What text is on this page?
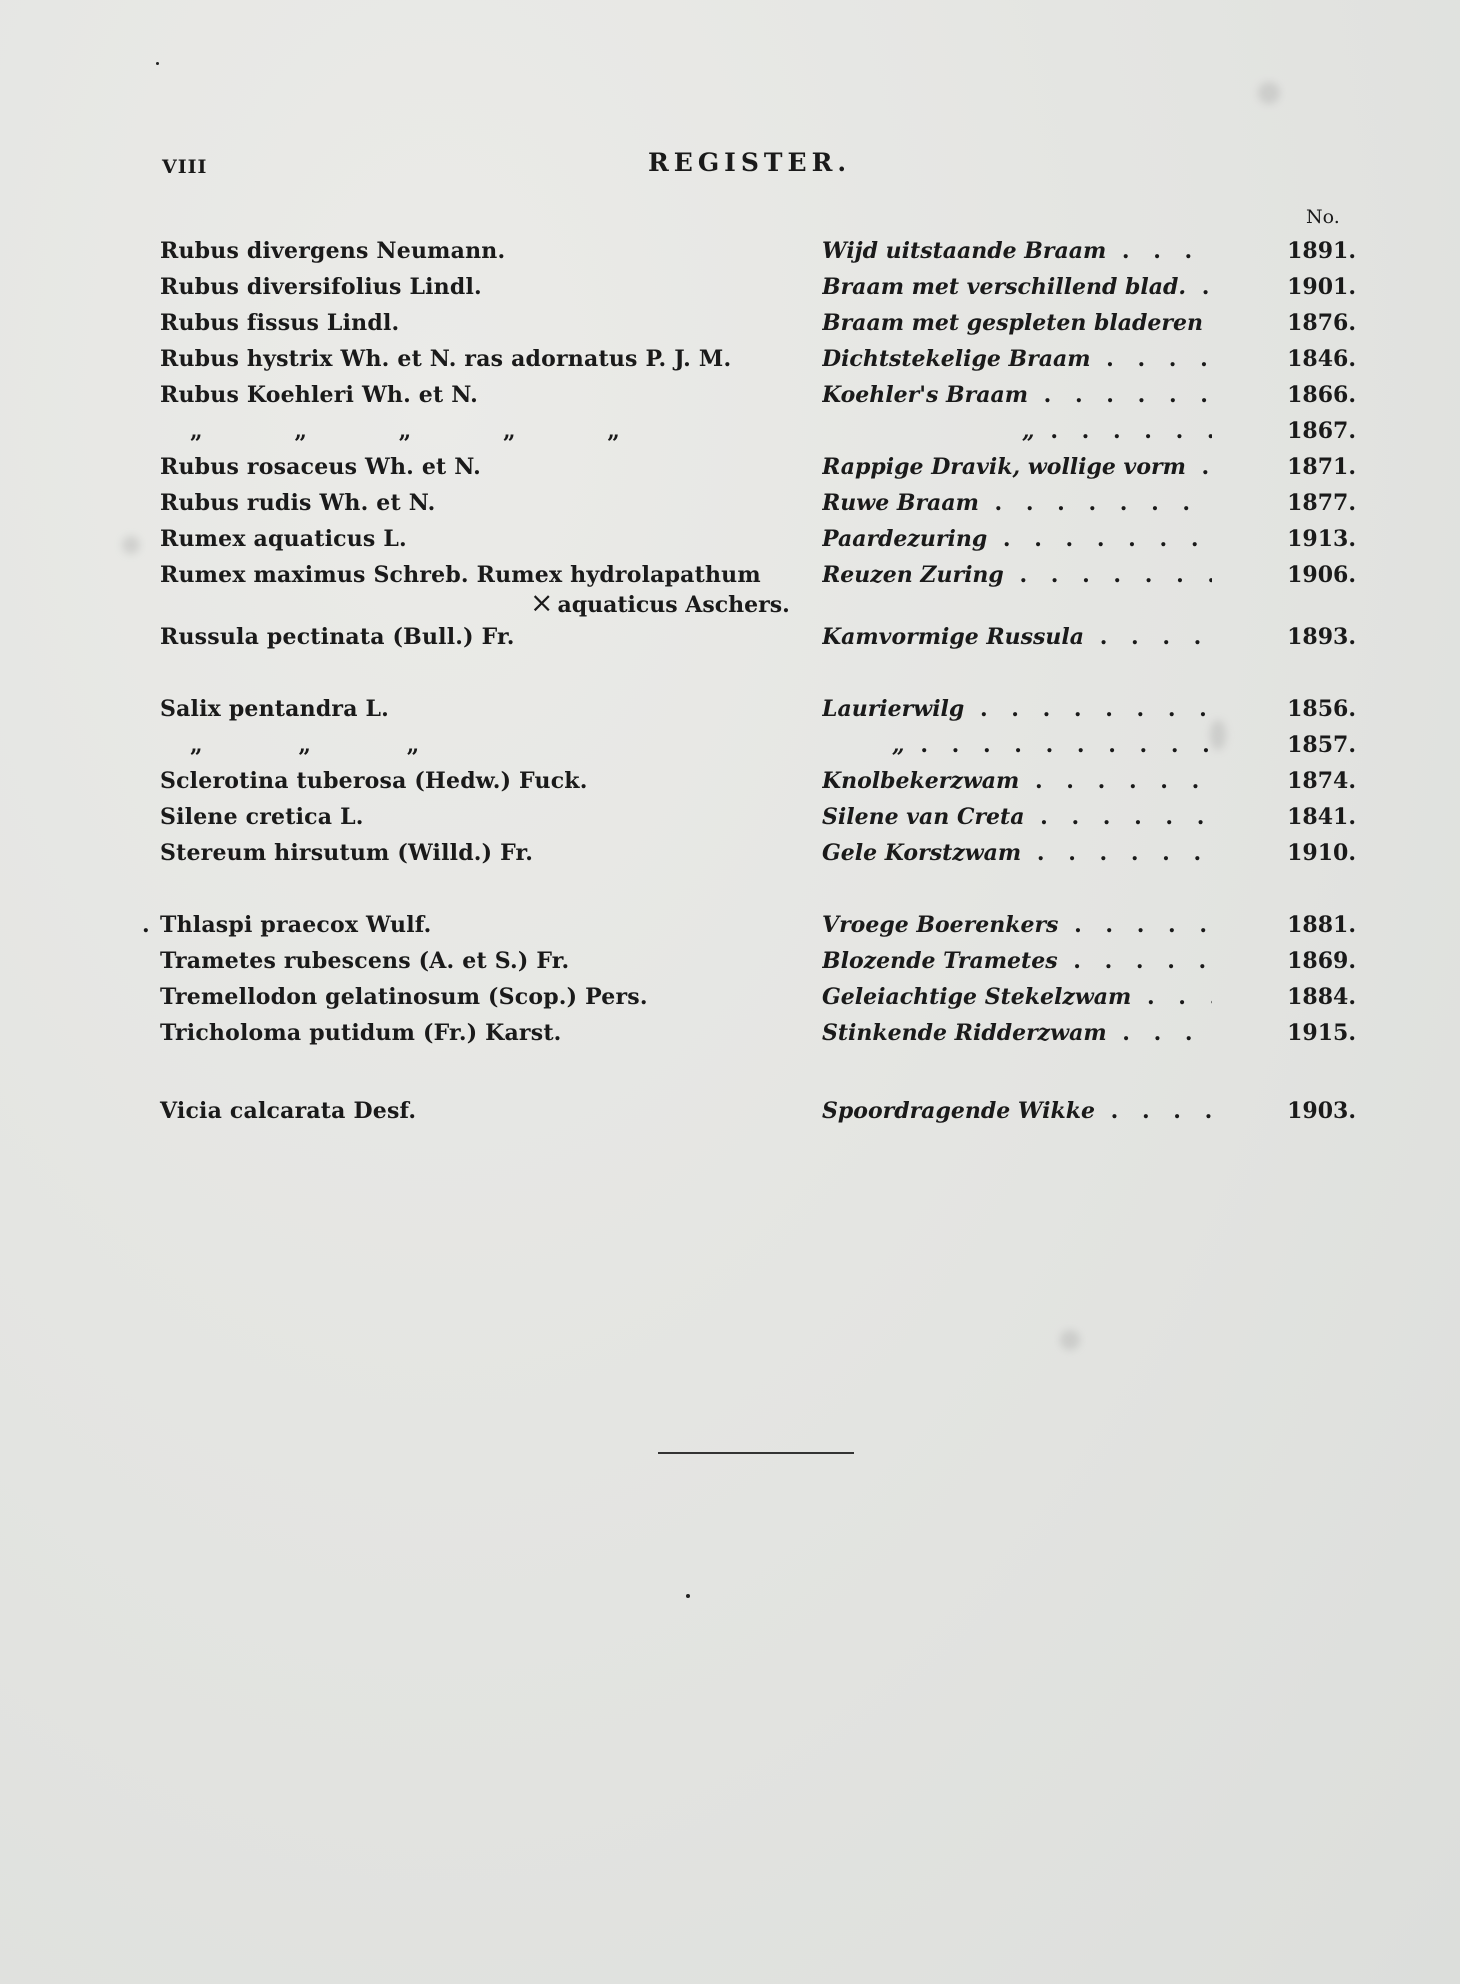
VIII	REGISTER.
No.
Rubus divergens Neumann.	Wijd uitstaande Braam . . .	1891.
Rubus diversifolius Lindl.	Braam met verschillend blad. . . .	1901.
Rubus fissus Lindl.	Braam met gespleten bladeren . . .	1876.
Rubus hystrix Wh. et N. ras adornatus P. J. M.	Dichtstekelige Braam . . .	1846.
Rubus Koehleri Wh. et N.	Koehler's Braam . . .	1866.
„ „ „ „ „	„ . . .	1867.
Rubus rosaceus Wh. et N.	Rappige Dravik, wollige vorm . . .	1871.
Rubus rudis Wh. et N.	Ruwe Braam . . .	1877.
Rumex aquaticus L.	Paardezuring . . .	1913.
Rumex maximus Schreb. Rumex hydrolapathum	Reuzen Zuring . . .	1906.
× aquaticus Aschers.
Russula pectinata (Bull.) Fr.	Kamvormige Russula . . .	1893.
Salix pentandra L.	Laurierwilg . . .	1856.
„ „ „	„ . . .	1857.
Sclerotina tuberosa (Hedw.) Fuck.	Knolbekerzwam . . .	1874.
Silene cretica L.	Silene van Creta . . .	1841.
Stereum hirsutum (Willd.) Fr.	Gele Korstzwam . . .	1910.
. Thlaspi praecox Wulf.	Vroege Boerenkers . . .	1881.
Trametes rubescens (A. et S.) Fr.	Blozende Trametes . . .	1869.
Tremellodon gelatinosum (Scop.) Pers.	Geleiachtige Stekelzwam . . .	1884.
Tricholoma putidum (Fr.) Karst.	Stinkende Ridderzwam . . .	1915.
Vicia calcarata Desf.	Spoordragende Wikke . . .	1903.
